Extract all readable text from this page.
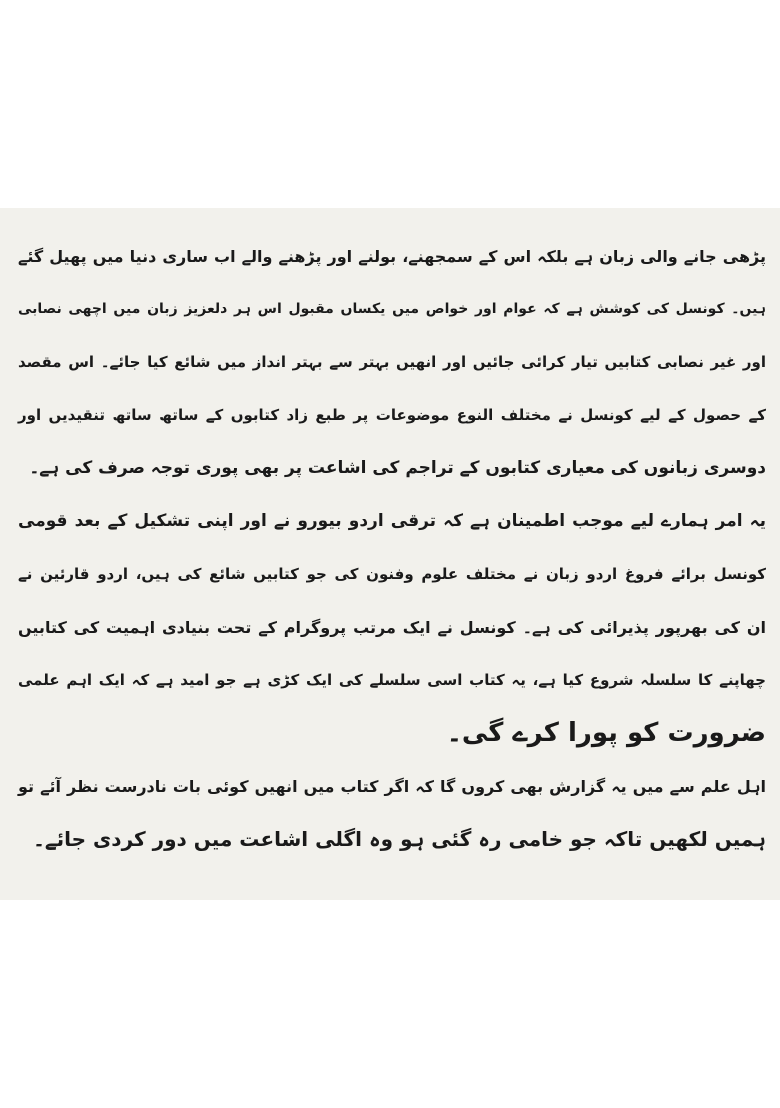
پڑھی جانے والی زبان ہے بلکہ اس کے سمجھنے، بولنے اور پڑھنے والے اب ساری دنیا میں پھیل گئے
ہیں۔ کونسل کی کوشش ہے کہ عوام اور خواص میں یکساں مقبول اس ہر دلعزیز زبان میں اچھی نصابی
اور غیر نصابی کتابیں تیار کرائی جائیں اور انھیں بہتر سے بہتر انداز میں شائع کیا جائے۔ اس مقصد
کے حصول کے لیے کونسل نے مختلف النوع موضوعات پر طبع زاد کتابوں کے ساتھ ساتھ تنقیدیں اور
دوسری زبانوں کی معیاری کتابوں کے تراجم کی اشاعت پر بھی پوری توجہ صرف کی ہے۔
یہ امر ہمارے لیے موجب اطمینان ہے کہ ترقی اردو بیورو نے اور اپنی تشکیل کے بعد قومی
کونسل برائے فروغ اردو زبان نے مختلف علوم وفنون کی جو کتابیں شائع کی ہیں، اردو قارئین نے
ان کی بھرپور پذیرائی کی ہے۔ کونسل نے ایک مرتب پروگرام کے تحت بنیادی اہمیت کی کتابیں
چھاپنے کا سلسلہ شروع کیا ہے، یہ کتاب اسی سلسلے کی ایک کڑی ہے جو امید ہے کہ ایک اہم علمی
ضرورت کو پورا کرے گی۔
اہل علم سے میں یہ گزارش بھی کروں گا کہ اگر کتاب میں انھیں کوئی بات نادرست نظر آئے تو
ہمیں لکھیں تاکہ جو خامی رہ گئی ہو وہ اگلی اشاعت میں دور کردی جائے۔
